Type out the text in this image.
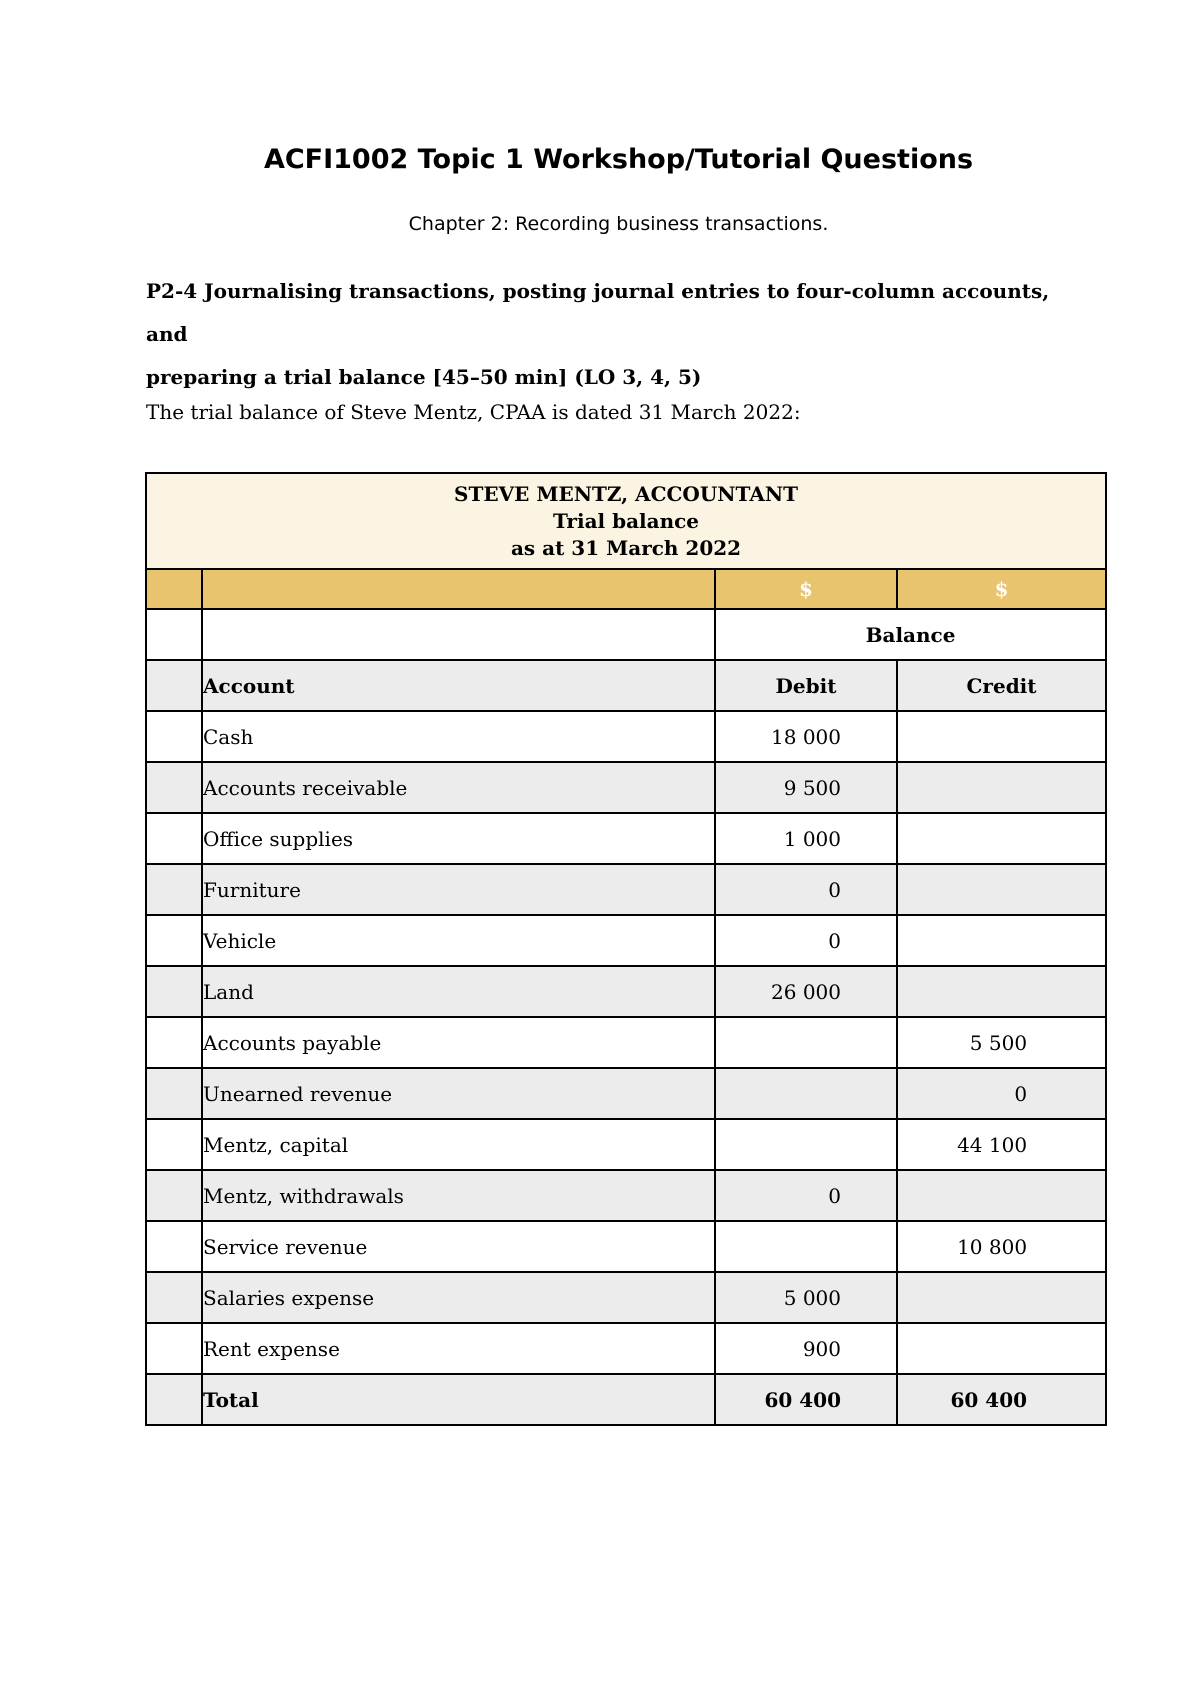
ACFI1002 Topic 1 Workshop/Tutorial Questions
Chapter 2: Recording business transactions.
P2-4 Journalising transactions, posting journal entries to four-column accounts, and
preparing a trial balance [45–50 min] (LO 3, 4, 5)
The trial balance of Steve Mentz, CPAA is dated 31 March 2022:
STEVE MENTZ, ACCOUNTANT
Trial balance
as at 31 March 2022			

		$	$
		Balance	
	Account	Debit	Credit
	Cash	18 000	
	Accounts receivable	9 500	
	Office supplies	1 000	
	Furniture	0	
	Vehicle	0	
	Land	26 000	
	Accounts payable		5 500
	Unearned revenue		0
	Mentz, capital		44 100
	Mentz, withdrawals	0	
	Service revenue		10 800
	Salaries expense	5 000	
	Rent expense	900	
	Total	60 400	60 400
